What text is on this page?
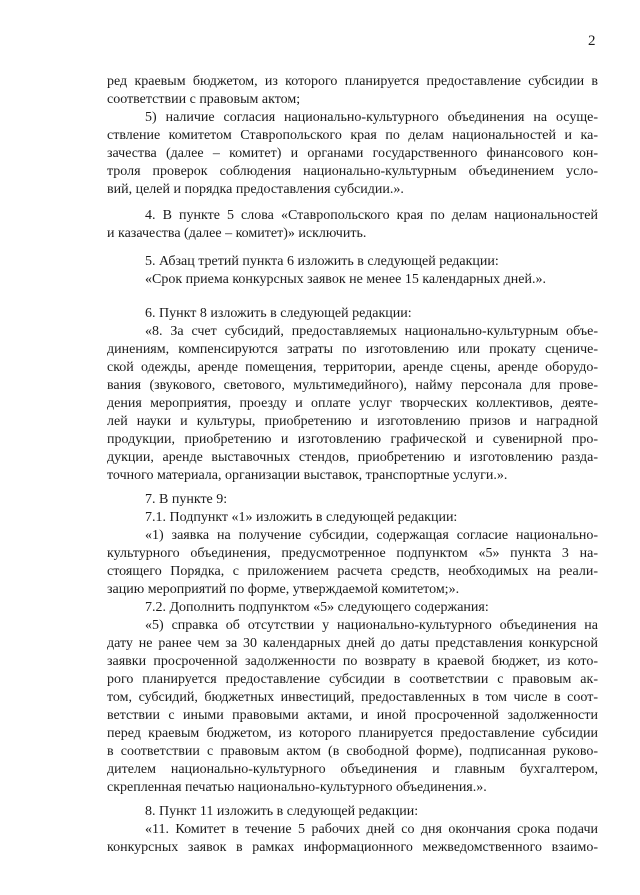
2
ред краевым бюджетом, из которого планируется предоставление субсидии в
соответствии с правовым актом;
5) наличие согласия национально-культурного объединения на осуще-
ствление комитетом Ставропольского края по делам национальностей и ка-
зачества (далее – комитет) и органами государственного финансового кон-
троля проверок соблюдения национально-культурным объединением усло-
вий, целей и порядка предоставления субсидии.».
4. В пункте 5 слова «Ставропольского края по делам национальностей
и казачества (далее – комитет)» исключить.
5. Абзац третий пункта 6 изложить в следующей редакции:
«Срок приема конкурсных заявок не менее 15 календарных дней.».
6. Пункт 8 изложить в следующей редакции:
«8. За счет субсидий, предоставляемых национально-культурным объе-
динениям, компенсируются затраты по изготовлению или прокату сцениче-
ской одежды, аренде помещения, территории, аренде сцены, аренде оборудо-
вания (звукового, светового, мультимедийного), найму персонала для прове-
дения мероприятия, проезду и оплате услуг творческих коллективов, деяте-
лей науки и культуры, приобретению и изготовлению призов и наградной
продукции, приобретению и изготовлению графической и сувенирной про-
дукции, аренде выставочных стендов, приобретению и изготовлению разда-
точного материала, организации выставок, транспортные услуги.».
7. В пункте 9:
7.1. Подпункт «1» изложить в следующей редакции:
«1) заявка на получение субсидии, содержащая согласие национально-
культурного объединения, предусмотренное подпунктом «5» пункта 3 на-
стоящего Порядка, с приложением расчета средств, необходимых на реали-
зацию мероприятий по форме, утверждаемой комитетом;».
7.2. Дополнить подпунктом «5» следующего содержания:
«5) справка об отсутствии у национально-культурного объединения на
дату не ранее чем за 30 календарных дней до даты представления конкурсной
заявки просроченной задолженности по возврату в краевой бюджет, из кото-
рого планируется предоставление субсидии в соответствии с правовым ак-
том, субсидий, бюджетных инвестиций, предоставленных в том числе в соот-
ветствии с иными правовыми актами, и иной просроченной задолженности
перед краевым бюджетом, из которого планируется предоставление субсидии
в соответствии с правовым актом (в свободной форме), подписанная руково-
дителем национально-культурного объединения и главным бухгалтером,
скрепленная печатью национально-культурного объединения.».
8. Пункт 11 изложить в следующей редакции:
«11. Комитет в течение 5 рабочих дней со дня окончания срока подачи
конкурсных заявок в рамках информационного межведомственного взаимо-
